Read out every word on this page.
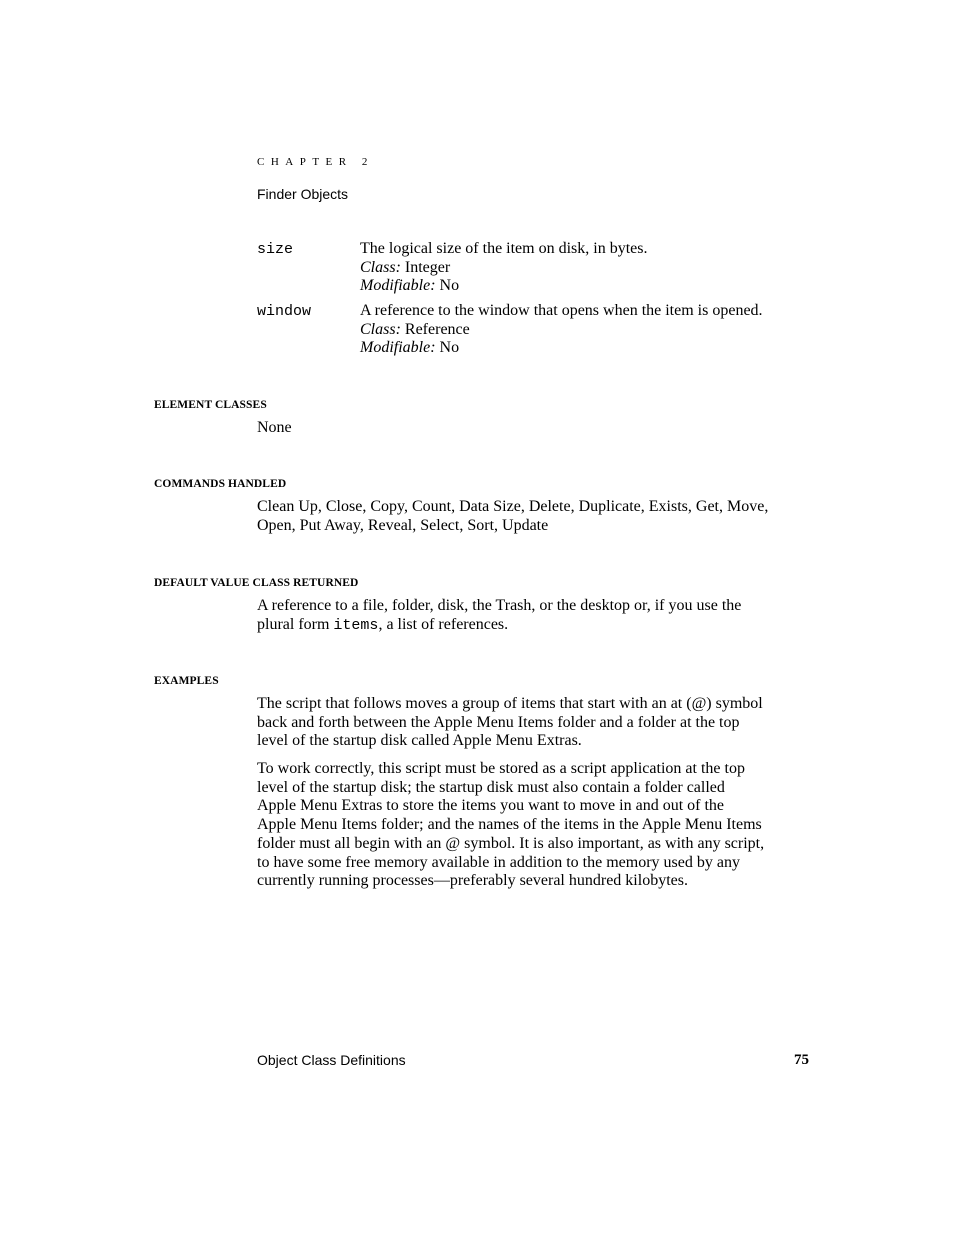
CHAPTER 2
Finder Objects
size	The logical size of the item on disk, in bytes.
Class: Integer
Modifiable: No
window	A reference to the window that opens when the item is opened.
Class: Reference
Modifiable: No
ELEMENT CLASSES
None
COMMANDS HANDLED
Clean Up, Close, Copy, Count, Data Size, Delete, Duplicate, Exists, Get, Move,
Open, Put Away, Reveal, Select, Sort, Update
DEFAULT VALUE CLASS RETURNED
A reference to a file, folder, disk, the Trash, or the desktop or, if you use the
plural form items, a list of references.
EXAMPLES
The script that follows moves a group of items that start with an at (@) symbol
back and forth between the Apple Menu Items folder and a folder at the top
level of the startup disk called Apple Menu Extras.
To work correctly, this script must be stored as a script application at the top
level of the startup disk; the startup disk must also contain a folder called
Apple Menu Extras to store the items you want to move in and out of the
Apple Menu Items folder; and the names of the items in the Apple Menu Items
folder must all begin with an @ symbol. It is also important, as with any script,
to have some free memory available in addition to the memory used by any
currently running processes—preferably several hundred kilobytes.
Object Class Definitions	75
